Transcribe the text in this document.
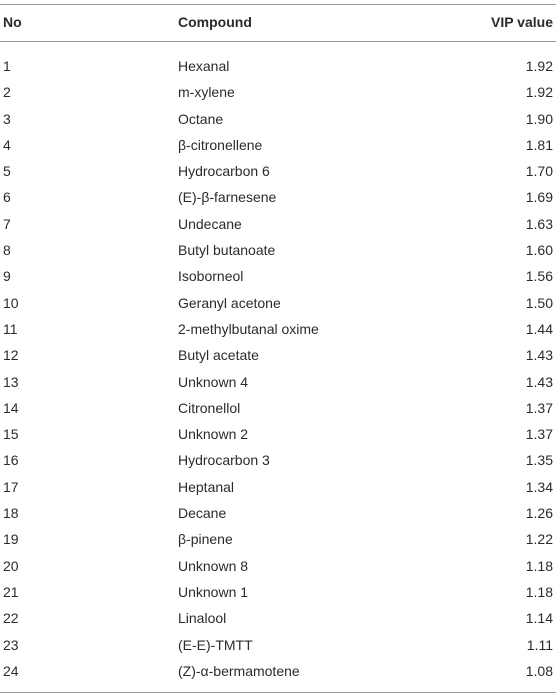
No	Compound	VIP value
1	Hexanal	1.92
2	m-xylene	1.92
3	Octane	1.90
4	β-citronellene	1.81
5	Hydrocarbon 6	1.70
6	(E)-β-farnesene	1.69
7	Undecane	1.63
8	Butyl butanoate	1.60
9	Isoborneol	1.56
10	Geranyl acetone	1.50
11	2-methylbutanal oxime	1.44
12	Butyl acetate	1.43
13	Unknown 4	1.43
14	Citronellol	1.37
15	Unknown 2	1.37
16	Hydrocarbon 3	1.35
17	Heptanal	1.34
18	Decane	1.26
19	β-pinene	1.22
20	Unknown 8	1.18
21	Unknown 1	1.18
22	Linalool	1.14
23	(E-E)-TMTT	1.11
24	(Z)-α-bermamotene	1.08
